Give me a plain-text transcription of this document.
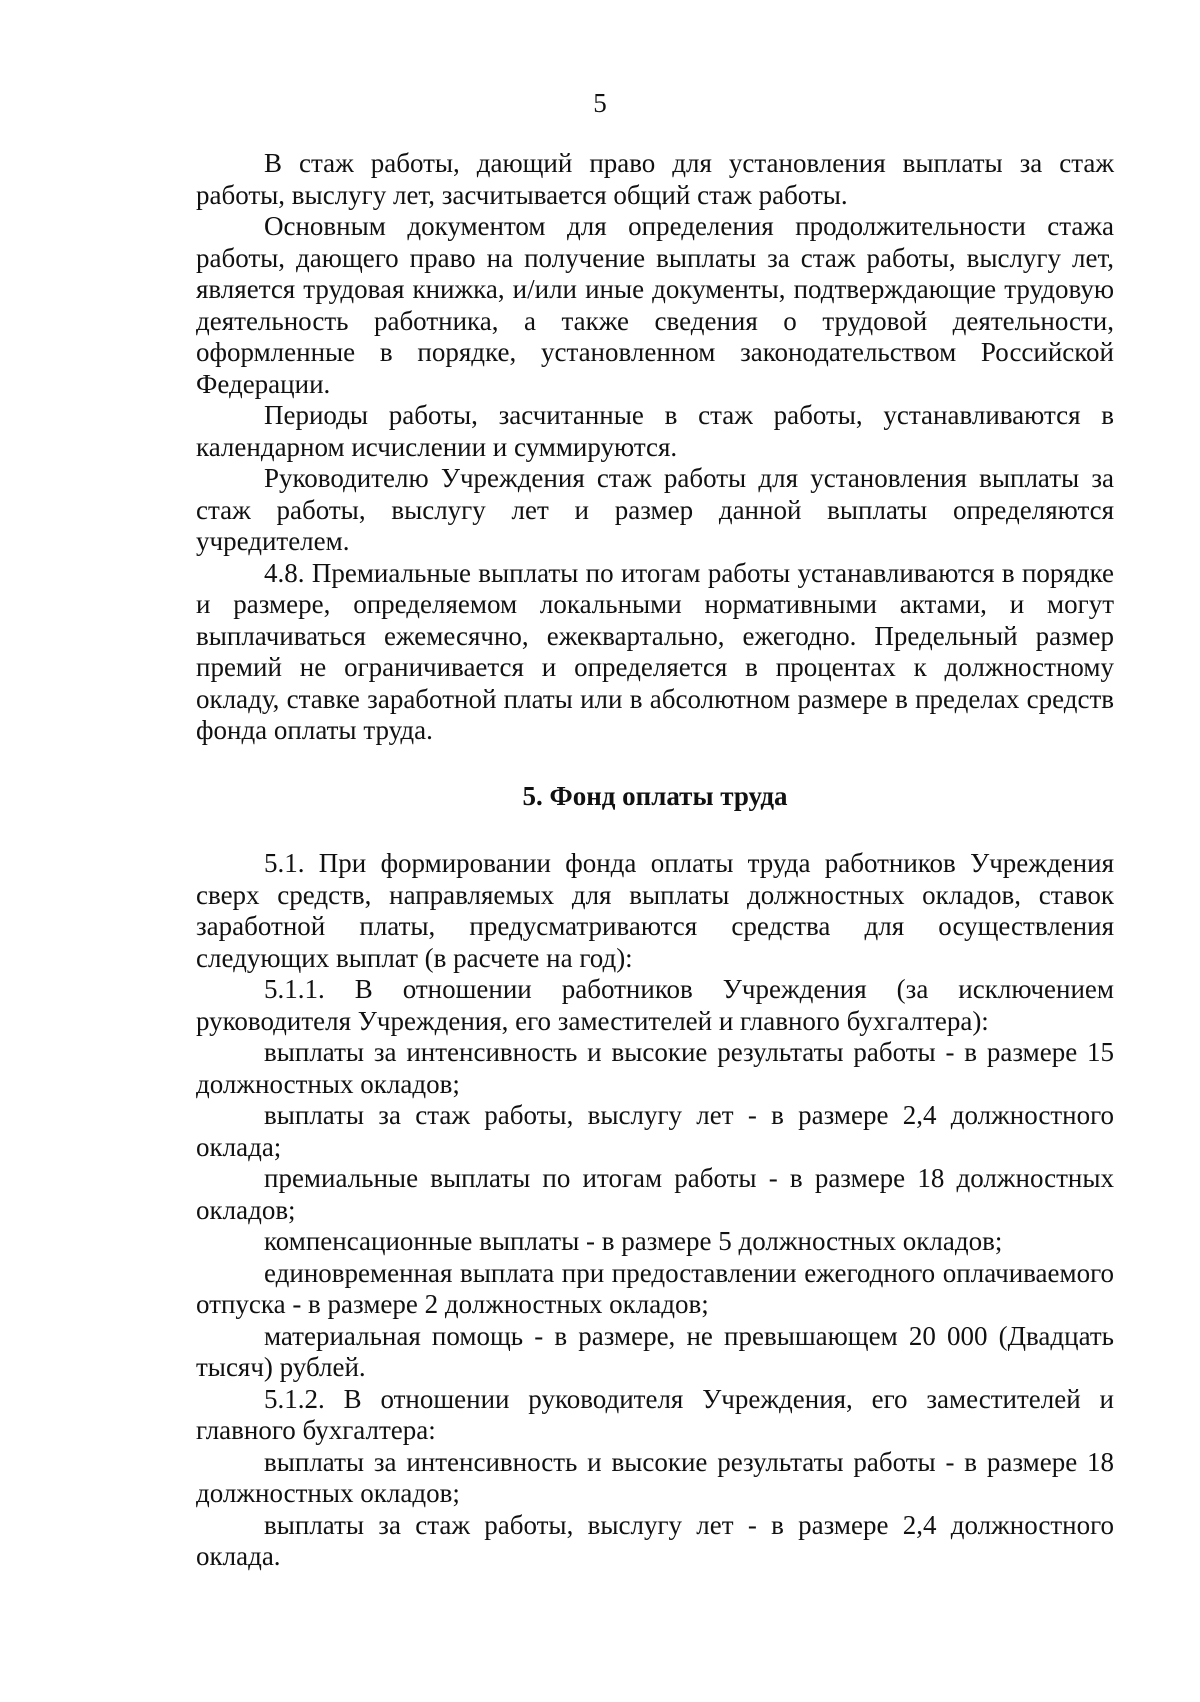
5

В стаж работы, дающий право для установления выплаты за стаж работы, выслугу лет, засчитывается общий стаж работы.

Основным документом для определения продолжительности стажа работы, дающего право на получение выплаты за стаж работы, выслугу лет, является трудовая книжка, и/или иные документы, подтверждающие трудовую деятельность работника, а также сведения о трудовой деятельности, оформленные в порядке, установленном законодательством Российской Федерации.

Периоды работы, засчитанные в стаж работы, устанавливаются в календарном исчислении и суммируются.

Руководителю Учреждения стаж работы для установления выплаты за стаж работы, выслугу лет и размер данной выплаты определяются учредителем.

4.8. Премиальные выплаты по итогам работы устанавливаются в порядке и размере, определяемом локальными нормативными актами, и могут выплачиваться ежемесячно, ежеквартально, ежегодно. Предельный размер премий не ограничивается и определяется в процентах к должностному окладу, ставке заработной платы или в абсолютном размере в пределах средств фонда оплаты труда.

5. Фонд оплаты труда

5.1. При формировании фонда оплаты труда работников Учреждения сверх средств, направляемых для выплаты должностных окладов, ставок заработной платы, предусматриваются средства для осуществления следующих выплат (в расчете на год):

5.1.1. В отношении работников Учреждения (за исключением руководителя Учреждения, его заместителей и главного бухгалтера):

выплаты за интенсивность и высокие результаты работы - в размере 15 должностных окладов;

выплаты за стаж работы, выслугу лет - в размере 2,4 должностного оклада;

премиальные выплаты по итогам работы - в размере 18 должностных окладов;

компенсационные выплаты - в размере 5 должностных окладов;

единовременная выплата при предоставлении ежегодного оплачиваемого отпуска - в размере 2 должностных окладов;

материальная помощь - в размере, не превышающем 20 000 (Двадцать тысяч) рублей.

5.1.2. В отношении руководителя Учреждения, его заместителей и главного бухгалтера:

выплаты за интенсивность и высокие результаты работы - в размере 18 должностных окладов;

выплаты за стаж работы, выслугу лет - в размере 2,4 должностного оклада.
